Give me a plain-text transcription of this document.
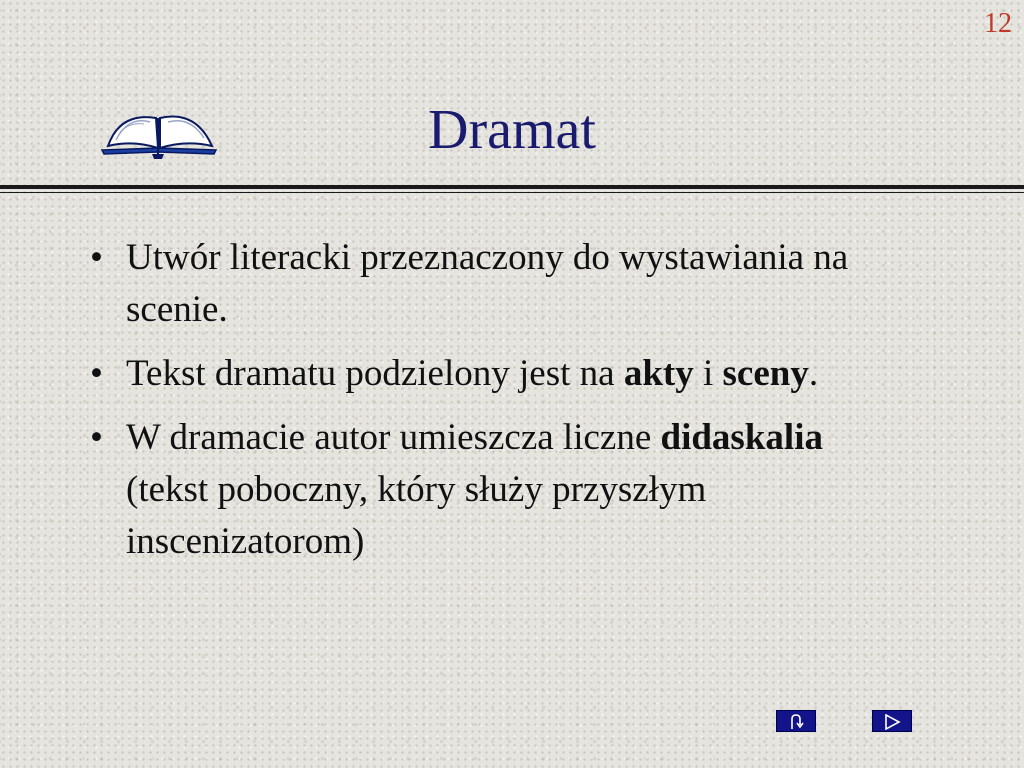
12
Dramat
• Utwór literacki przeznaczony do wystawiania na scenie.
• Tekst dramatu podzielony jest na akty i sceny.
• W dramacie autor umieszcza liczne didaskalia (tekst poboczny, który służy przyszłym inscenizatorom)
